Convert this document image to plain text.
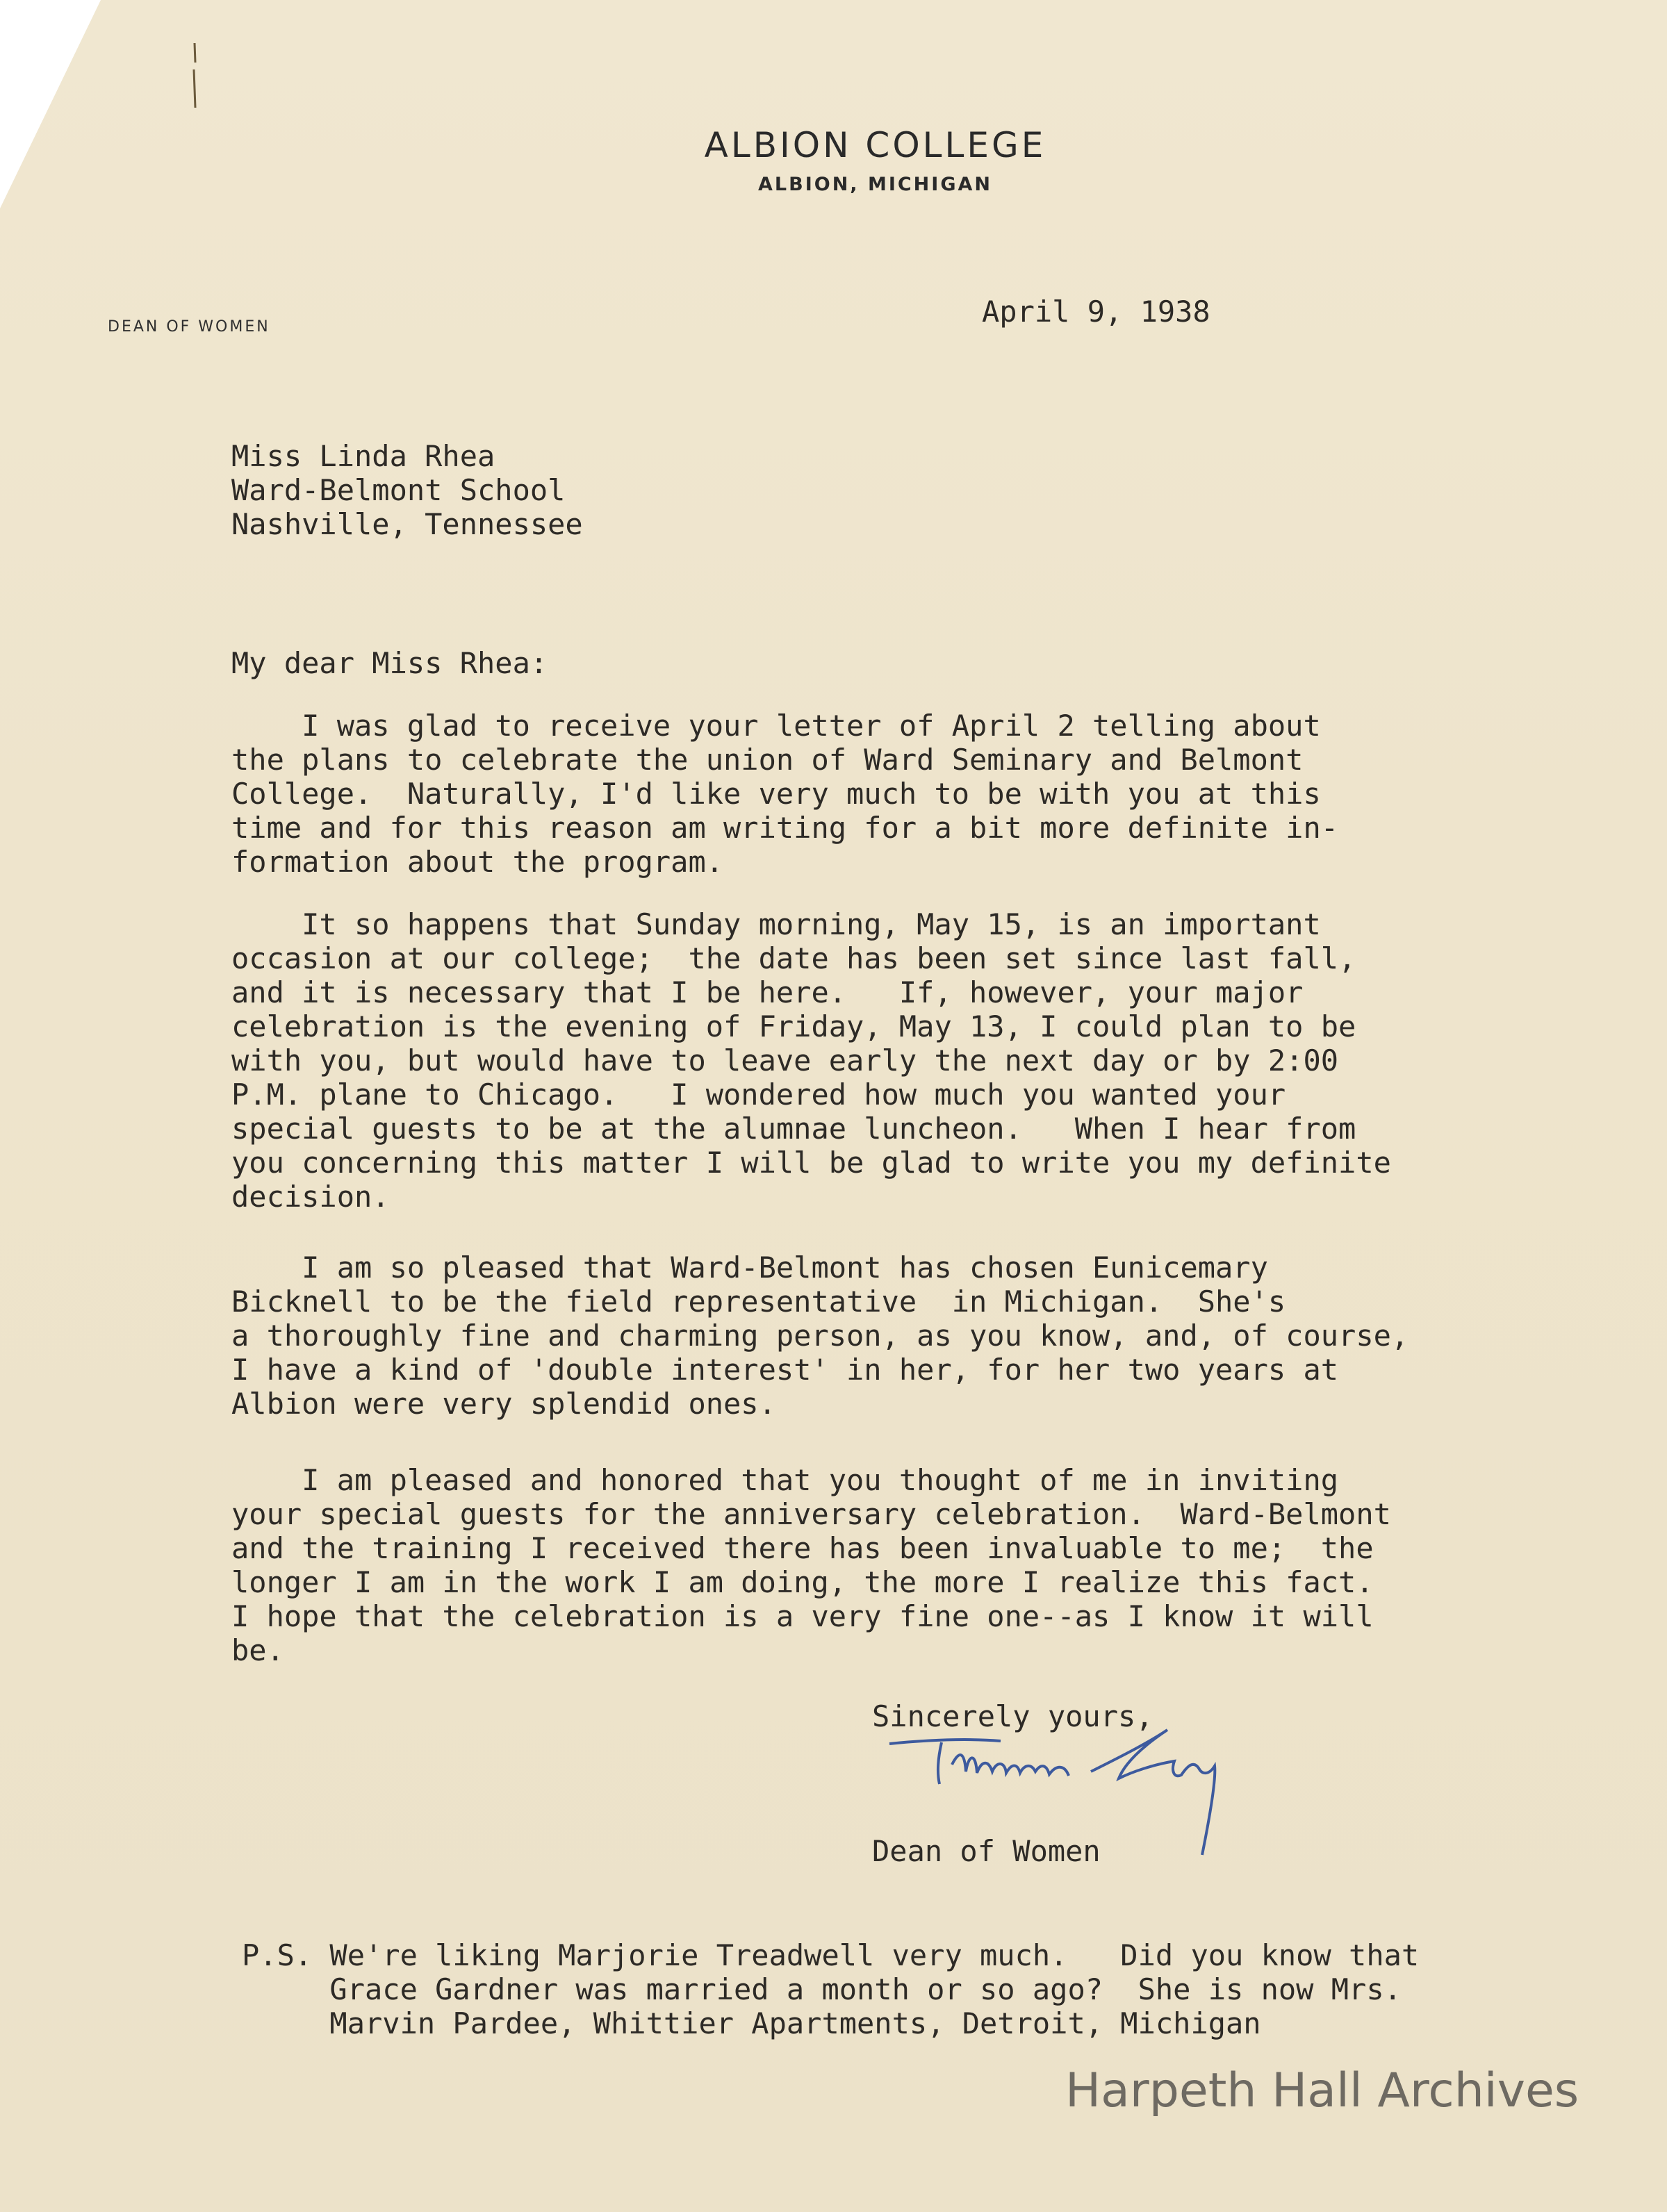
ALBION COLLEGE
ALBION, MICHIGAN
DEAN OF WOMEN	April 9, 1938
Miss Linda Rhea
Ward-Belmont School
Nashville, Tennessee
My dear Miss Rhea:
I was glad to receive your letter of April 2 telling about
the plans to celebrate the union of Ward Seminary and Belmont
College.  Naturally, I'd like very much to be with you at this
time and for this reason am writing for a bit more definite in-
formation about the program.
It so happens that Sunday morning, May 15, is an important
occasion at our college;  the date has been set since last fall,
and it is necessary that I be here.   If, however, your major
celebration is the evening of Friday, May 13, I could plan to be
with you, but would have to leave early the next day or by 2:00
P.M. plane to Chicago.   I wondered how much you wanted your
special guests to be at the alumnae luncheon.   When I hear from
you concerning this matter I will be glad to write you my definite
decision.
I am so pleased that Ward-Belmont has chosen Eunicemary
Bicknell to be the field representative  in Michigan.  She's
a thoroughly fine and charming person, as you know, and, of course,
I have a kind of 'double interest' in her, for her two years at
Albion were very splendid ones.
I am pleased and honored that you thought of me in inviting
your special guests for the anniversary celebration.  Ward-Belmont
and the training I received there has been invaluable to me;  the
longer I am in the work I am doing, the more I realize this fact.
I hope that the celebration is a very fine one--as I know it will
be.
Sincerely yours,
Dean of Women
P.S. We're liking Marjorie Treadwell very much.   Did you know that
Grace Gardner was married a month or so ago?  She is now Mrs.
Marvin Pardee, Whittier Apartments, Detroit, Michigan
Harpeth Hall Archives
